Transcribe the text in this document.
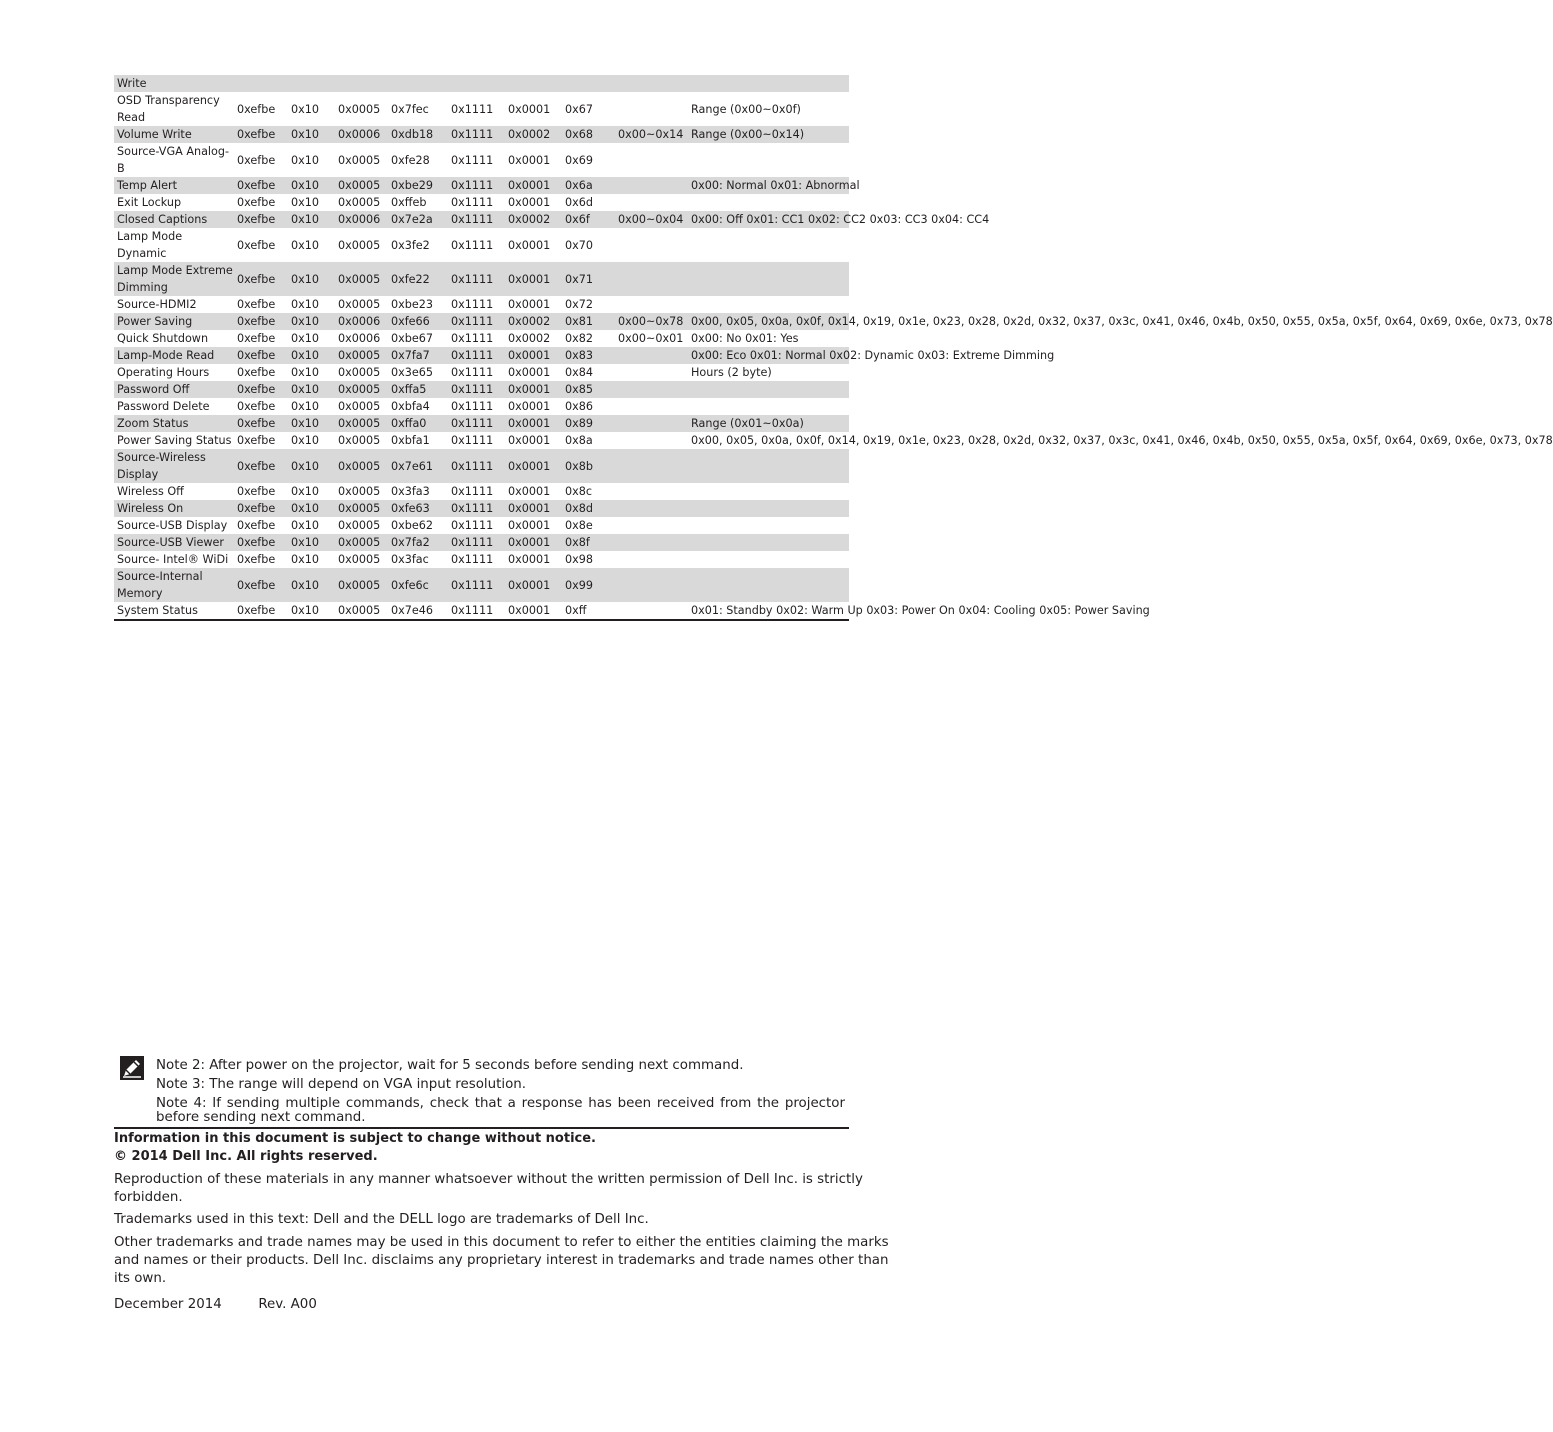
Write									
OSD Transparency Read	0xefbe	0x10	0x0005	0x7fec	0x1111	0x0001	0x67		Range (0x00~0x0f)
Volume Write	0xefbe	0x10	0x0006	0xdb18	0x1111	0x0002	0x68	0x00~0x14	Range (0x00~0x14)
Source-VGA Analog-B	0xefbe	0x10	0x0005	0xfe28	0x1111	0x0001	0x69		
Temp Alert	0xefbe	0x10	0x0005	0xbe29	0x1111	0x0001	0x6a		0x00: Normal 0x01: Abnormal
Exit Lockup	0xefbe	0x10	0x0005	0xffeb	0x1111	0x0001	0x6d		
Closed Captions	0xefbe	0x10	0x0006	0x7e2a	0x1111	0x0002	0x6f	0x00~0x04	0x00: Off 0x01: CC1 0x02: CC2 0x03: CC3 0x04: CC4
Lamp Mode Dynamic	0xefbe	0x10	0x0005	0x3fe2	0x1111	0x0001	0x70		
Lamp Mode Extreme Dimming	0xefbe	0x10	0x0005	0xfe22	0x1111	0x0001	0x71		
Source-HDMI2	0xefbe	0x10	0x0005	0xbe23	0x1111	0x0001	0x72		
Power Saving	0xefbe	0x10	0x0006	0xfe66	0x1111	0x0002	0x81	0x00~0x78	0x00, 0x05, 0x0a, 0x0f, 0x14, 0x19, 0x1e, 0x23, 0x28, 0x2d, 0x32, 0x37, 0x3c, 0x41, 0x46, 0x4b, 0x50, 0x55, 0x5a, 0x5f, 0x64, 0x69, 0x6e, 0x73, 0x78
Quick Shutdown	0xefbe	0x10	0x0006	0xbe67	0x1111	0x0002	0x82	0x00~0x01	0x00: No 0x01: Yes
Lamp-Mode Read	0xefbe	0x10	0x0005	0x7fa7	0x1111	0x0001	0x83		0x00: Eco 0x01: Normal 0x02: Dynamic 0x03: Extreme Dimming
Operating Hours	0xefbe	0x10	0x0005	0x3e65	0x1111	0x0001	0x84		Hours (2 byte)
Password Off	0xefbe	0x10	0x0005	0xffa5	0x1111	0x0001	0x85		
Password Delete	0xefbe	0x10	0x0005	0xbfa4	0x1111	0x0001	0x86		
Zoom Status	0xefbe	0x10	0x0005	0xffa0	0x1111	0x0001	0x89		Range (0x01~0x0a)
Power Saving Status	0xefbe	0x10	0x0005	0xbfa1	0x1111	0x0001	0x8a		0x00, 0x05, 0x0a, 0x0f, 0x14, 0x19, 0x1e, 0x23, 0x28, 0x2d, 0x32, 0x37, 0x3c, 0x41, 0x46, 0x4b, 0x50, 0x55, 0x5a, 0x5f, 0x64, 0x69, 0x6e, 0x73, 0x78
Source-Wireless Display	0xefbe	0x10	0x0005	0x7e61	0x1111	0x0001	0x8b		
Wireless Off	0xefbe	0x10	0x0005	0x3fa3	0x1111	0x0001	0x8c		
Wireless On	0xefbe	0x10	0x0005	0xfe63	0x1111	0x0001	0x8d		
Source-USB Display	0xefbe	0x10	0x0005	0xbe62	0x1111	0x0001	0x8e		
Source-USB Viewer	0xefbe	0x10	0x0005	0x7fa2	0x1111	0x0001	0x8f		
Source- Intel® WiDi	0xefbe	0x10	0x0005	0x3fac	0x1111	0x0001	0x98		
Source-Internal Memory	0xefbe	0x10	0x0005	0xfe6c	0x1111	0x0001	0x99		
System Status	0xefbe	0x10	0x0005	0x7e46	0x1111	0x0001	0xff		0x01: Standby 0x02: Warm Up 0x03: Power On 0x04: Cooling 0x05: Power Saving
Note 2: After power on the projector, wait for 5 seconds before sending next command.
Note 3: The range will depend on VGA input resolution.
Note 4: If sending multiple commands, check that a response has been received from the projector before sending next command.
Information in this document is subject to change without notice.
© 2014 Dell Inc. All rights reserved.
Reproduction of these materials in any manner whatsoever without the written permission of Dell Inc. is strictly forbidden.
Trademarks used in this text: Dell and the DELL logo are trademarks of Dell Inc.
Other trademarks and trade names may be used in this document to refer to either the entities claiming the marks and names or their products. Dell Inc. disclaims any proprietary interest in trademarks and trade names other than its own.
December 2014	Rev. A00
